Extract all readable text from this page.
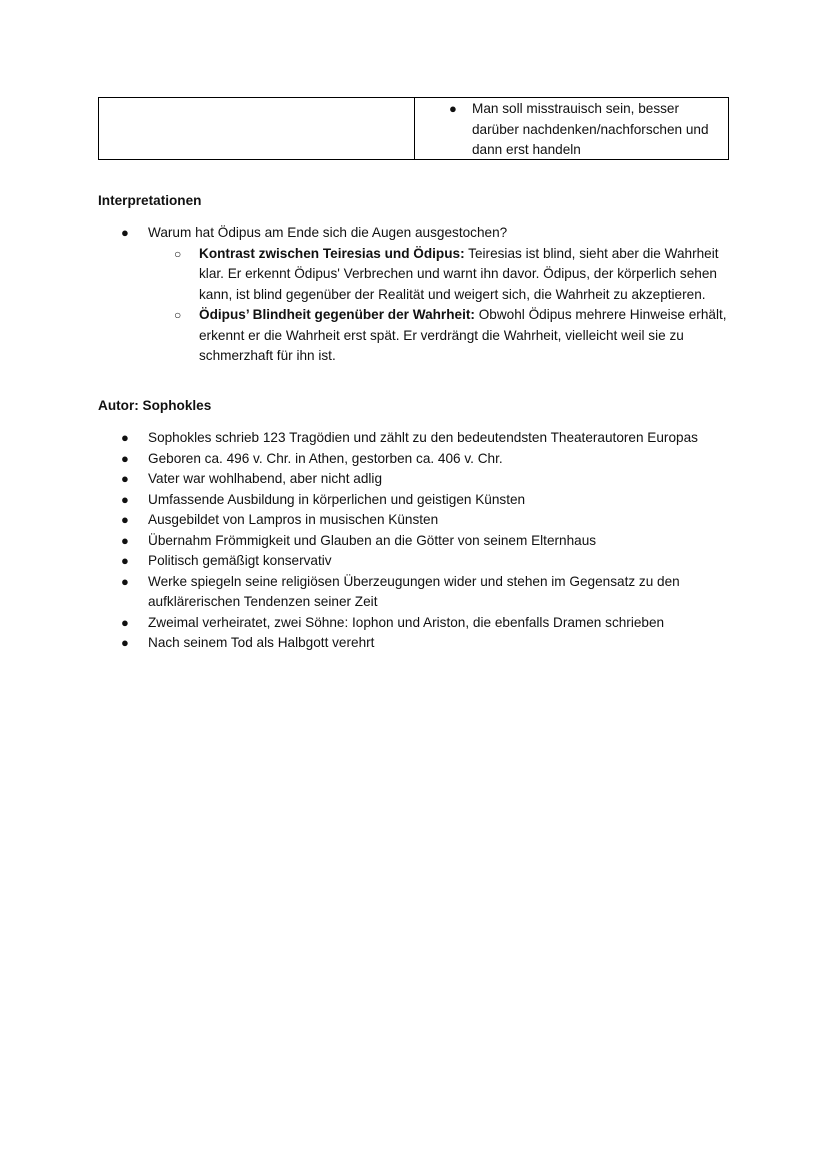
● Man soll misstrauisch sein, besser darüber nachdenken/nachforschen und dann erst handeln
Interpretationen
● Warum hat Ödipus am Ende sich die Augen ausgestochen?
○ Kontrast zwischen Teiresias und Ödipus: Teiresias ist blind, sieht aber die Wahrheit klar. Er erkennt Ödipus' Verbrechen und warnt ihn davor. Ödipus, der körperlich sehen kann, ist blind gegenüber der Realität und weigert sich, die Wahrheit zu akzeptieren.
○ Ödipus’ Blindheit gegenüber der Wahrheit: Obwohl Ödipus mehrere Hinweise erhält, erkennt er die Wahrheit erst spät. Er verdrängt die Wahrheit, vielleicht weil sie zu schmerzhaft für ihn ist.
Autor: Sophokles
● Sophokles schrieb 123 Tragödien und zählt zu den bedeutendsten Theaterautoren Europas
● Geboren ca. 496 v. Chr. in Athen, gestorben ca. 406 v. Chr.
● Vater war wohlhabend, aber nicht adlig
● Umfassende Ausbildung in körperlichen und geistigen Künsten
● Ausgebildet von Lampros in musischen Künsten
● Übernahm Frömmigkeit und Glauben an die Götter von seinem Elternhaus
● Politisch gemäßigt konservativ
● Werke spiegeln seine religiösen Überzeugungen wider und stehen im Gegensatz zu den aufklärerischen Tendenzen seiner Zeit
● Zweimal verheiratet, zwei Söhne: Iophon und Ariston, die ebenfalls Dramen schrieben
● Nach seinem Tod als Halbgott verehrt
